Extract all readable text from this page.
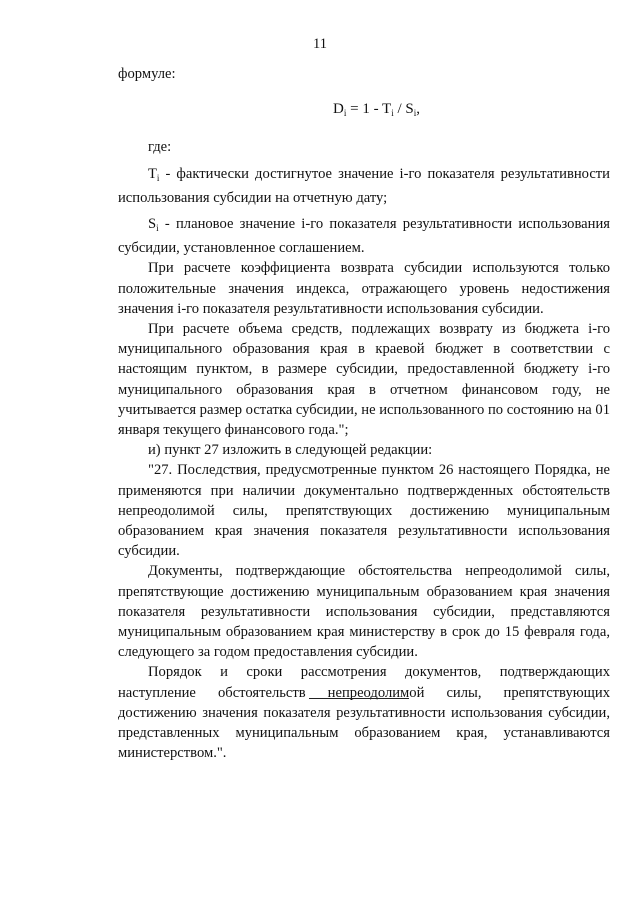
11

формуле:

$D_i = 1 - T_i / S_i$,

где:

$T_i$ - фактически достигнутое значение i-го показателя результативности использования субсидии на отчетную дату;

$S_i$ - плановое значение i-го показателя результативности использования субсидии, установленное соглашением.

При расчете коэффициента возврата субсидии используются только положительные значения индекса, отражающего уровень недостижения значения i-го показателя результативности использования субсидии.

При расчете объема средств, подлежащих возврату из бюджета i-го муниципального образования края в краевой бюджет в соответствии с настоящим пунктом, в размере субсидии, предоставленной бюджету i-го муниципального образования края в отчетном финансовом году, не учитывается размер остатка субсидии, не использованного по состоянию на 01 января текущего финансового года.";

и) пункт 27 изложить в следующей редакции:

"27. Последствия, предусмотренные пунктом 26 настоящего Порядка, не применяются при наличии документально подтвержденных обстоятельств непреодолимой силы, препятствующих достижению муниципальным образованием края значения показателя результативности использования субсидии.

Документы, подтверждающие обстоятельства непреодолимой силы, препятствующие достижению муниципальным образованием края значения показателя результативности использования субсидии, представляются муниципальным образованием края министерству в срок до 15 февраля года, следующего за годом предоставления субсидии.

Порядок и сроки рассмотрения документов, подтверждающих наступление обстоятельств непреодолимой силы, препятствующих достижению значения показателя результативности использования субсидии, представленных муниципальным образованием края, устанавливаются министерством.".
